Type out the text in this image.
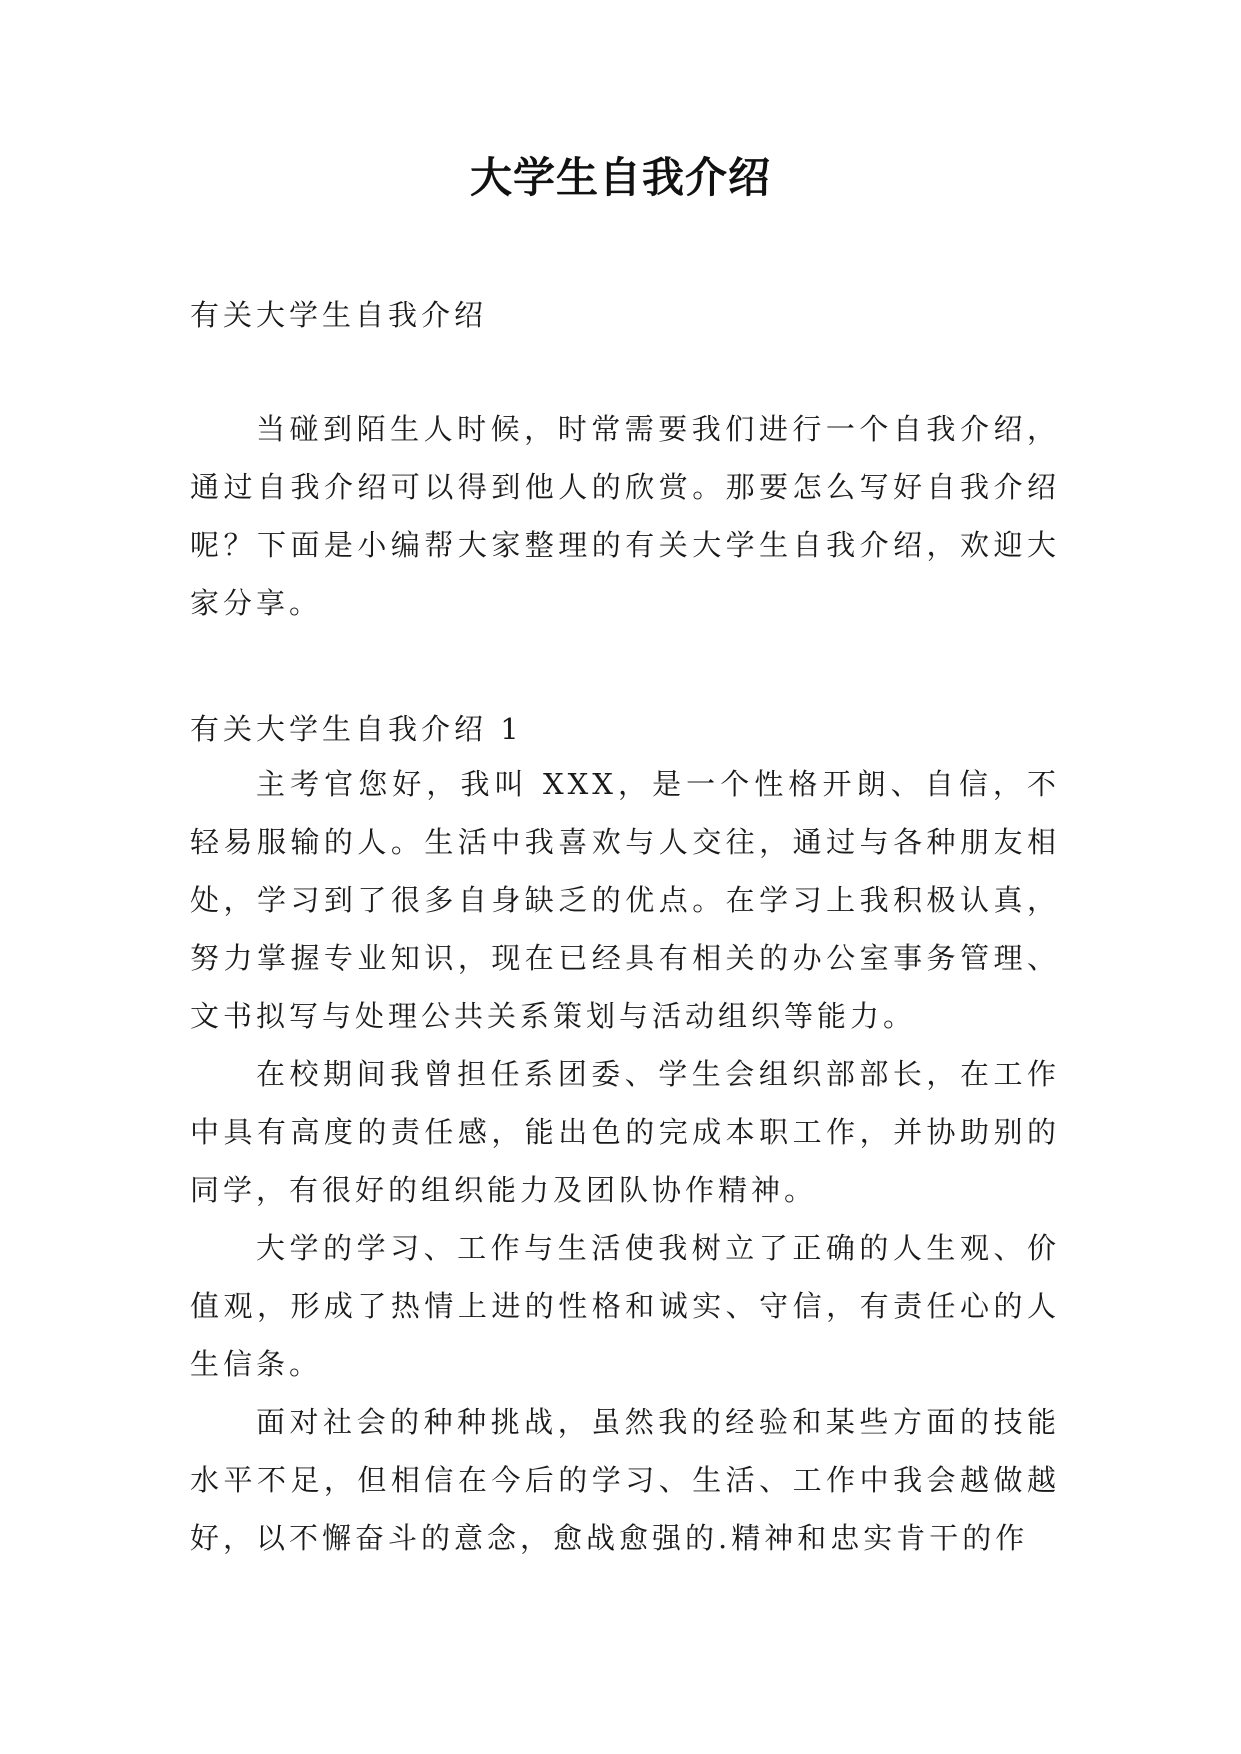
大学生自我介绍
有关大学生自我介绍

当碰到陌生人时候，时常需要我们进行一个自我介绍，通过自我介绍可以得到他人的欣赏。那要怎么写好自我介绍呢？下面是小编帮大家整理的有关大学生自我介绍，欢迎大家分享。

有关大学生自我介绍 1

主考官您好，我叫 XXX，是一个性格开朗、自信，不轻易服输的人。生活中我喜欢与人交往，通过与各种朋友相处，学习到了很多自身缺乏的优点。在学习上我积极认真，努力掌握专业知识，现在已经具有相关的办公室事务管理、文书拟写与处理公共关系策划与活动组织等能力。

在校期间我曾担任系团委、学生会组织部部长，在工作中具有高度的责任感，能出色的完成本职工作，并协助别的同学，有很好的组织能力及团队协作精神。

大学的学习、工作与生活使我树立了正确的人生观、价值观，形成了热情上进的性格和诚实、守信，有责任心的人生信条。

面对社会的种种挑战，虽然我的经验和某些方面的技能水平不足，但相信在今后的学习、生活、工作中我会越做越好，以不懈奋斗的意念，愈战愈强的.精神和忠实肯干的作
